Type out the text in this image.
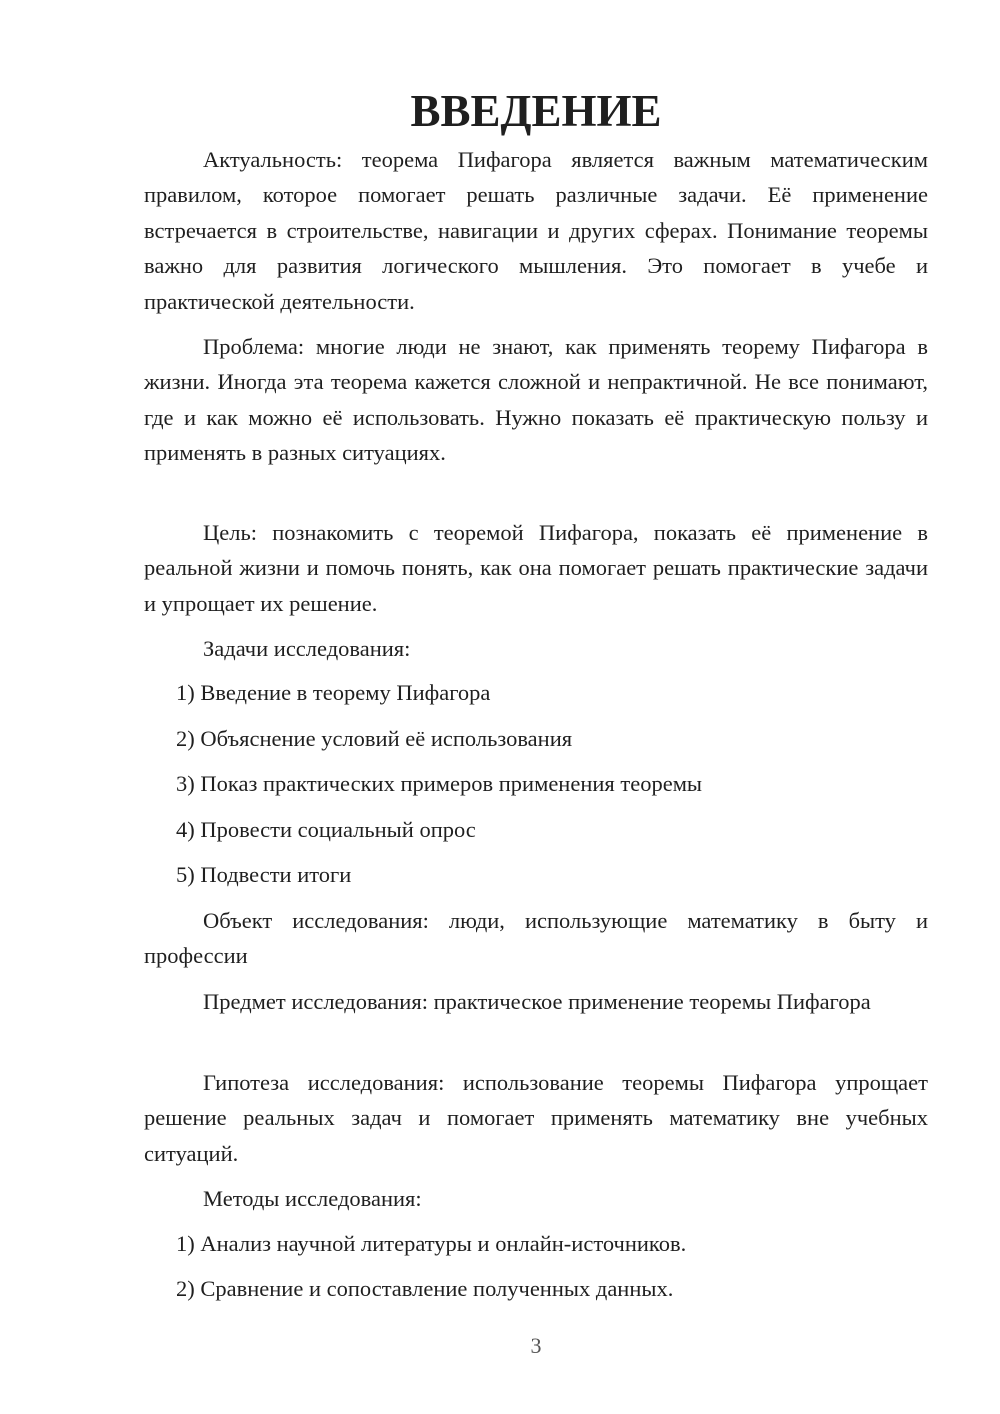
ВВЕДЕНИЕ

Актуальность: теорема Пифагора является важным математическим правилом, которое помогает решать различные задачи. Её применение встречается в строительстве, навигации и других сферах. Понимание теоремы важно для развития логического мышления. Это помогает в учебе и практической деятельности.

Проблема: многие люди не знают, как применять теорему Пифагора в жизни. Иногда эта теорема кажется сложной и непрактичной. Не все понимают, где и как можно её использовать. Нужно показать её практическую пользу и применять в разных ситуациях.

Цель: познакомить с теоремой Пифагора, показать её применение в реальной жизни и помочь понять, как она помогает решать практические задачи и упрощает их решение.

Задачи исследования:

1) Введение в теорему Пифагора

2) Объяснение условий её использования

3) Показ практических примеров применения теоремы

4) Провести социальный опрос

5) Подвести итоги

Объект исследования: люди, использующие математику в быту и профессии

Предмет исследования: практическое применение теоремы Пифагора

Гипотеза исследования: использование теоремы Пифагора упрощает решение реальных задач и помогает применять математику вне учебных ситуаций.

Методы исследования:

1) Анализ научной литературы и онлайн-источников.

2) Сравнение и сопоставление полученных данных.

3
